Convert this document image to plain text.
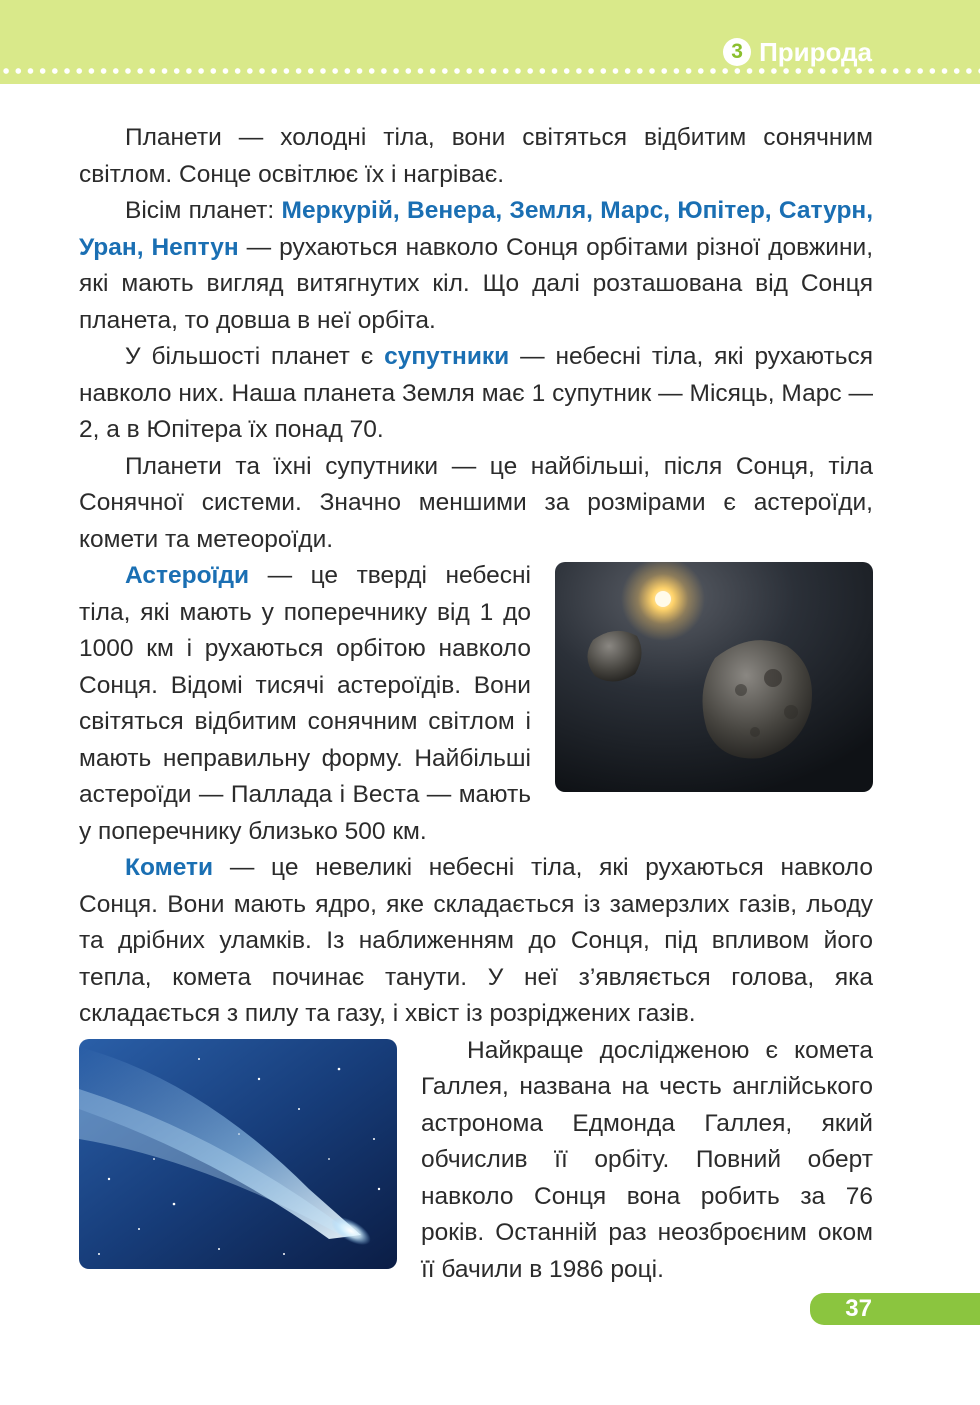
3 Природа

Планети — холодні тіла, вони світяться відбитим сонячним світлом. Сонце освітлює їх і нагріває.

Вісім планет: Меркурій, Венера, Земля, Марс, Юпітер, Сатурн, Уран, Нептун — рухаються навколо Сонця орбітами різної довжини, які мають вигляд витягнутих кіл. Що далі розташована від Сонця планета, то довша в неї орбіта.

У більшості планет є супутники — небесні тіла, які рухаються навколо них. Наша планета Земля має 1 супутник — Місяць, Марс — 2, а в Юпітера їх понад 70.

Планети та їхні супутники — це найбільші, після Сонця, тіла Сонячної системи. Значно меншими за розмірами є астероїди, комети та метеороїди.

Астероїди — це тверді небесні тіла, які мають у поперечнику від 1 до 1000 км і рухаються орбітою навколо Сонця. Відомі тисячі астероїдів. Вони світяться відбитим сонячним світлом і мають неправильну форму. Найбільші астероїди — Паллада і Веста — мають у поперечнику близько 500 км.

Комети — це невеликі небесні тіла, які рухаються навколо Сонця. Вони мають ядро, яке складається із замерзлих газів, льоду та дрібних уламків. Із наближенням до Сонця, під впливом його тепла, комета починає танути. У неї з’являється голова, яка складається з пилу та газу, і хвіст із розріджених газів.

Найкраще дослідженою є комета Галлея, названа на честь англійського астронома Едмонда Галлея, який обчислив її орбіту. Повний оберт навколо Сонця вона робить за 76 років. Останній раз неозброєним оком її бачили в 1986 році.

37
